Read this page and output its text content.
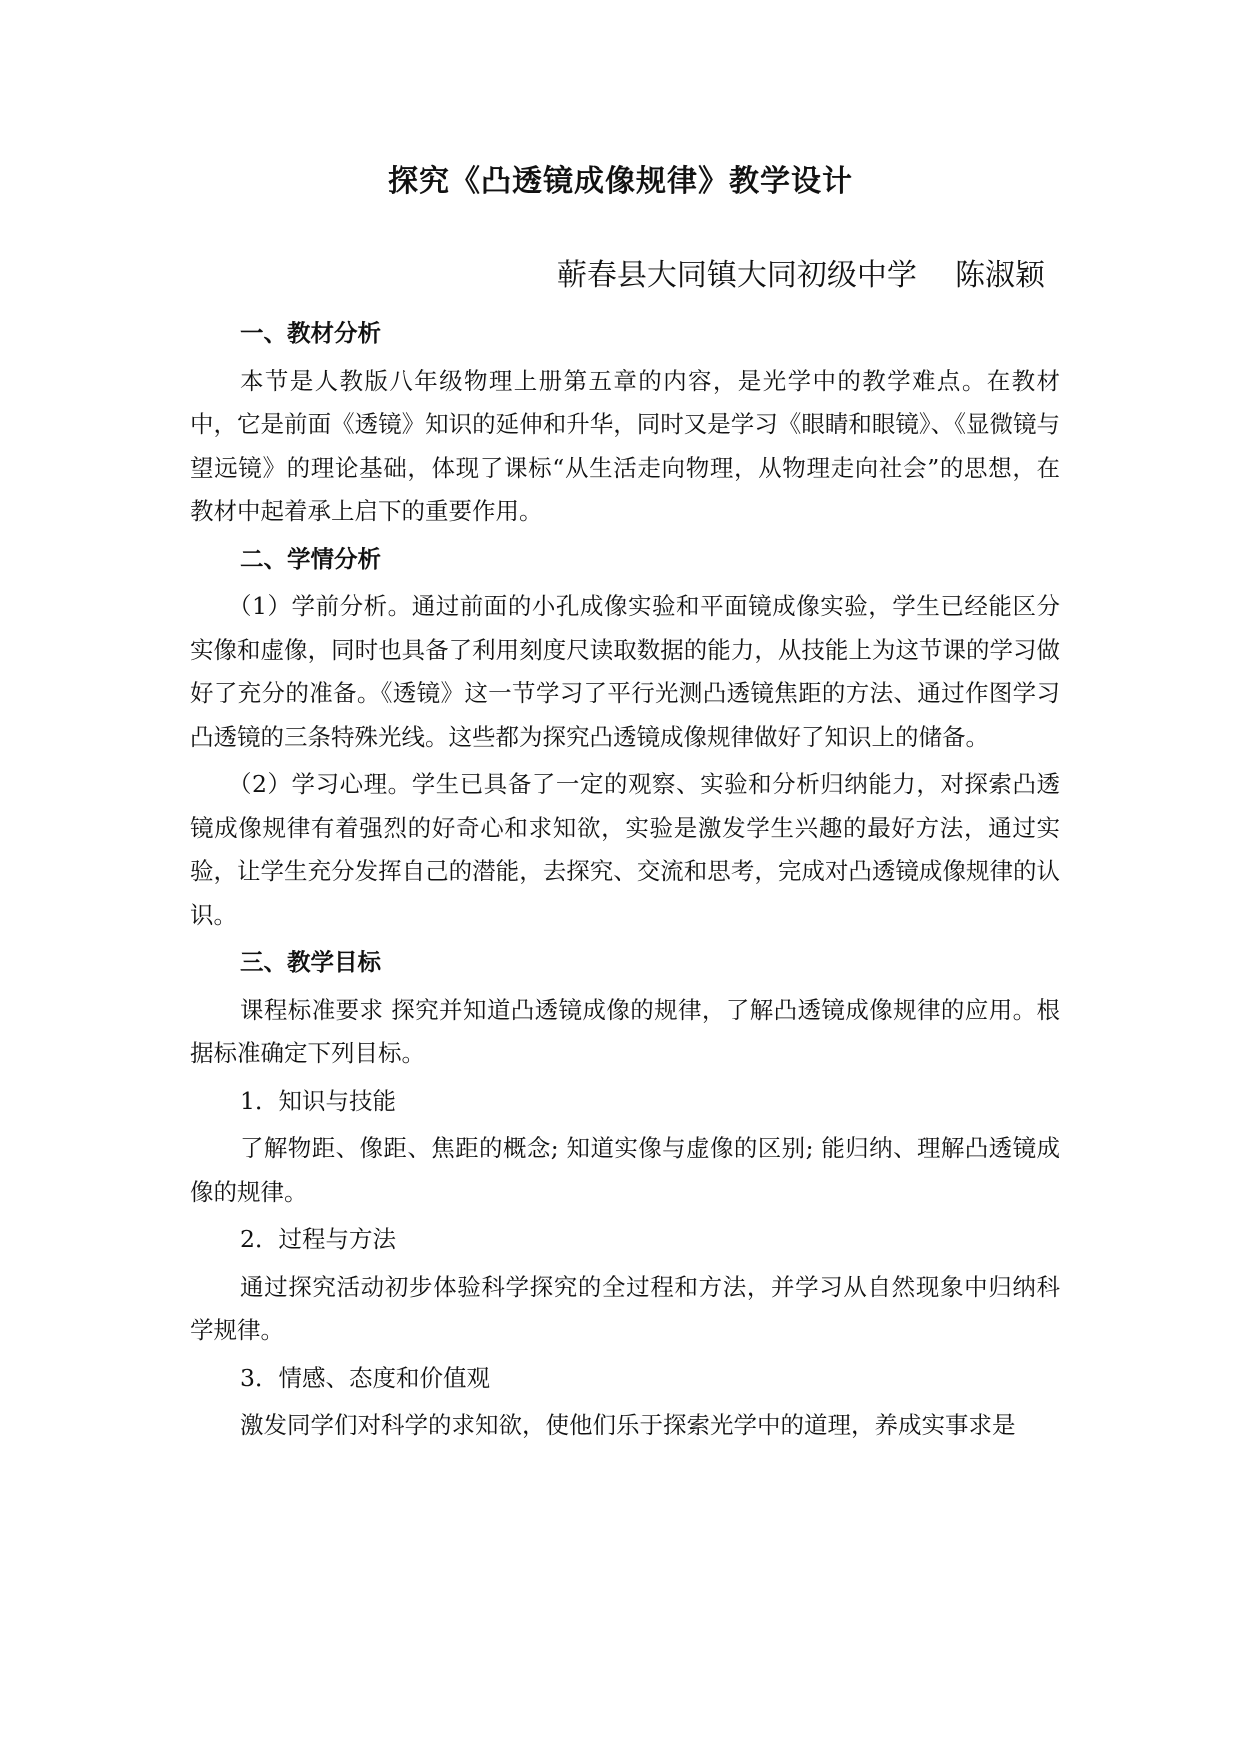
探究《凸透镜成像规律》教学设计
蕲春县大同镇大同初级中学    陈淑颖
一、教材分析
本节是人教版八年级物理上册第五章的内容，是光学中的教学难点。在教材中，它是前面《透镜》知识的延伸和升华，同时又是学习《眼睛和眼镜》、《显微镜与望远镜》的理论基础，体现了课标“从生活走向物理，从物理走向社会”的思想，在教材中起着承上启下的重要作用。
二、学情分析
（1）学前分析。通过前面的小孔成像实验和平面镜成像实验，学生已经能区分实像和虚像，同时也具备了利用刻度尺读取数据的能力，从技能上为这节课的学习做好了充分的准备。《透镜》这一节学习了平行光测凸透镜焦距的方法、通过作图学习凸透镜的三条特殊光线。这些都为探究凸透镜成像规律做好了知识上的储备。
（2）学习心理。学生已具备了一定的观察、实验和分析归纳能力，对探索凸透镜成像规律有着强烈的好奇心和求知欲，实验是激发学生兴趣的最好方法，通过实验，让学生充分发挥自己的潜能，去探究、交流和思考，完成对凸透镜成像规律的认识。
三、教学目标
课程标准要求 探究并知道凸透镜成像的规律，了解凸透镜成像规律的应用。根据标准确定下列目标。
1．知识与技能
了解物距、像距、焦距的概念; 知道实像与虚像的区别; 能归纳、理解凸透镜成像的规律。
2．过程与方法
通过探究活动初步体验科学探究的全过程和方法，并学习从自然现象中归纳科学规律。
3．情感、态度和价值观
激发同学们对科学的求知欲，使他们乐于探索光学中的道理，养成实事求是
